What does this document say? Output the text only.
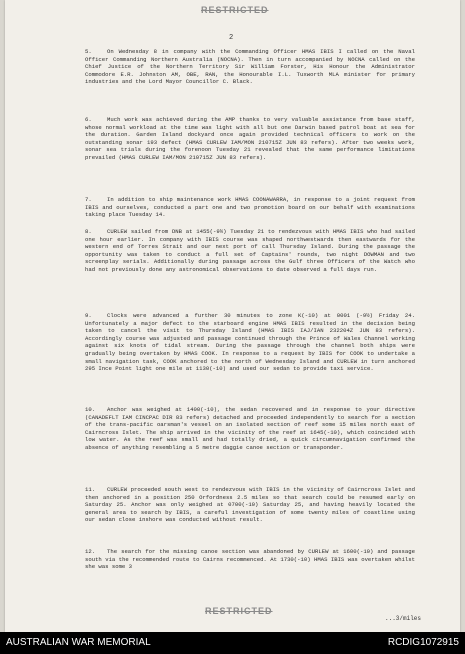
RESTRICTED
2
5.	On Wednesday 8 in company with the Commanding Officer HMAS IBIS I called on the Naval Officer Commanding Northern Australia (NOCNA). Then in turn accompanied by NOCNA called on the Chief Justice of the Northern Territory Sir William Forster, His Honour the Administrator Commodore E.R. Johnston AM, OBE, RAN, the Honourable I.L. Tuxworth MLA minister for primary industries and the Lord Mayor Councillor C. Black.
6.	Much work was achieved during the AMP thanks to very valuable assistance from base staff, whose normal workload at the time was light with all but one Darwin based patrol boat at sea for the duration. Garden Island dockyard once again provided technical officers to work on the outstanding sonar 193 defect (HMAS CURLEW IAM/MON 210715Z JUN 83 refers). After two weeks work, sonar sea trials during the forenoon Tuesday 21 revealed that the same performance limitations prevailed (HMAS CURLEW IAM/MON 210715Z JUN 83 refers).
7.	In addition to ship maintenance work HMAS COONAWARRA, in response to a joint request from IBIS and ourselves, conducted a part one and two promotion board on our behalf with examinations taking place Tuesday 14.
8.	CURLEW sailed from DNB at 1455(-9½) Tuesday 21 to rendezvous with HMAS IBIS who had sailed one hour earlier. In company with IBIS course was shaped northwestwards then eastwards for the western end of Torres Strait and our next port of call Thursday Island. During the passage the opportunity was taken to conduct a full set of Captains' rounds, two night DOWMAN and two screenplay serials. Additionally during passage across the Gulf three Officers of the Watch who had not previously done any astronomical observations to date observed a full days run.
9.	Clocks were advanced a further 30 minutes to zone K(-10) at 0001 (-9½) Friday 24. Unfortunately a major defect to the starboard engine HMAS IBIS resulted in the decision being taken to cancel the visit to Thursday Island (HMAS IBIS IAJ/IAN 232204Z JUN 83 refers). Accordingly course was adjusted and passage continued through the Prince of Wales Channel working against six knots of tidal stream. During the passage through the channel both ships were gradually being overtaken by HMAS COOK. In response to a request by IBIS for COOK to undertake a small navigation task, COOK anchored to the north of Wednesday Island and CURLEW in turn anchored 295 Ince Point light one mile at 1130(-10) and used our sedan to provide taxi service.
10. Anchor was weighed at 1400(-10), the sedan recovered and in response to your directive (CANADEFLT IAM CINCPAC DIR 83 refers) detached and proceeded independently to search for a section of the trans-pacific oarsman's vessel on an isolated section of reef some 15 miles north east of Cairncross Islet. The ship arrived in the vicinity of the reef at 1645(-10), which coincided with low water. As the reef was small and had totally dried, a quick circumnavigation confirmed the absence of anything resembling a 5 metre daggie canoe section or transponder.
11. CURLEW proceeded south west to rendezvous with IBIS in the vicinity of Cairncross Islet and then anchored in a position 250 Orfordness 2.5 miles so that search could be resumed early on Saturday 25. Anchor was only weighed at 0700(-10) Saturday 25, and having heavily located the general area to search by IBIS, a careful investigation of some twenty miles of coastline using our sedan close inshore was conducted without result.
12. The search for the missing canoe section was abandoned by CURLEW at 1600(-10) and passage south via the recommended route to Cairns recommenced. At 1730(-10) HMAS IBIS was overtaken whilst she was some 3
RESTRICTED
...3/miles
AUSTRALIAN WAR MEMORIAL	RCDIG1072915
